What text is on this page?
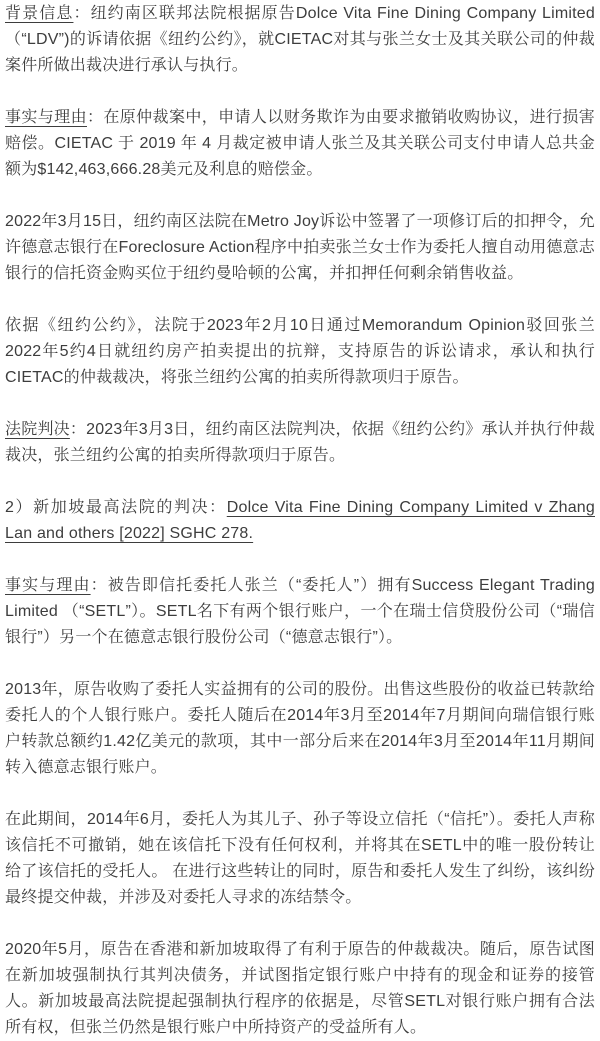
背景信息：纽约南区联邦法院根据原告Dolce Vita Fine Dining Company Limited （“LDV”)的诉请依据《纽约公约》，就CIETAC对其与张兰女士及其关联公司的仲裁案件所做出裁决进行承认与执行。

事实与理由：在原仲裁案中，申请人以财务欺诈为由要求撤销收购协议，进行损害赔偿。CIETAC 于 2019 年 4 月裁定被申请人张兰及其关联公司支付申请人总共金额为$142,463,666.28美元及利息的赔偿金。

2022年3月15日，纽约南区法院在Metro Joy诉讼中签署了一项修订后的扣押令，允许德意志银行在Foreclosure Action程序中拍卖张兰女士作为委托人擅自动用德意志银行的信托资金购买位于纽约曼哈顿的公寓，并扣押任何剩余销售收益。

依据《纽约公约》，法院于2023年2月10日通过Memorandum Opinion驳回张兰2022年5约4日就纽约房产拍卖提出的抗辩，支持原告的诉讼请求，承认和执行CIETAC的仲裁裁决，将张兰纽约公寓的拍卖所得款项归于原告。

法院判决：2023年3月3日，纽约南区法院判决，依据《纽约公约》承认并执行仲裁裁决，张兰纽约公寓的拍卖所得款项归于原告。

2）新加坡最高法院的判决：Dolce Vita Fine Dining Company Limited v Zhang Lan and others [2022] SGHC 278.

事实与理由：被告即信托委托人张兰（“委托人”）拥有Success Elegant Trading Limited （“SETL”）。SETL名下有两个银行账户，一个在瑞士信贷股份公司（“瑞信银行”）另一个在德意志银行股份公司（“德意志银行”）。

2013年，原告收购了委托人实益拥有的公司的股份。出售这些股份的收益已转款给委托人的个人银行账户。委托人随后在2014年3月至2014年7月期间向瑞信银行账户转款总额约1.42亿美元的款项，其中一部分后来在2014年3月至2014年11月期间转入德意志银行账户。

在此期间，2014年6月，委托人为其儿子、孙子等设立信托（“信托”）。委托人声称该信托不可撤销，她在该信托下没有任何权利，并将其在SETL中的唯一股份转让给了该信托的受托人。 在进行这些转让的同时，原告和委托人发生了纠纷，该纠纷最终提交仲裁，并涉及对委托人寻求的冻结禁令。

2020年5月，原告在香港和新加坡取得了有利于原告的仲裁裁决。随后，原告试图在新加坡强制执行其判决债务，并试图指定银行账户中持有的现金和证券的接管人。新加坡最高法院提起强制执行程序的依据是，尽管SETL对银行账户拥有合法所有权，但张兰仍然是银行账户中所持资产的受益所有人。
